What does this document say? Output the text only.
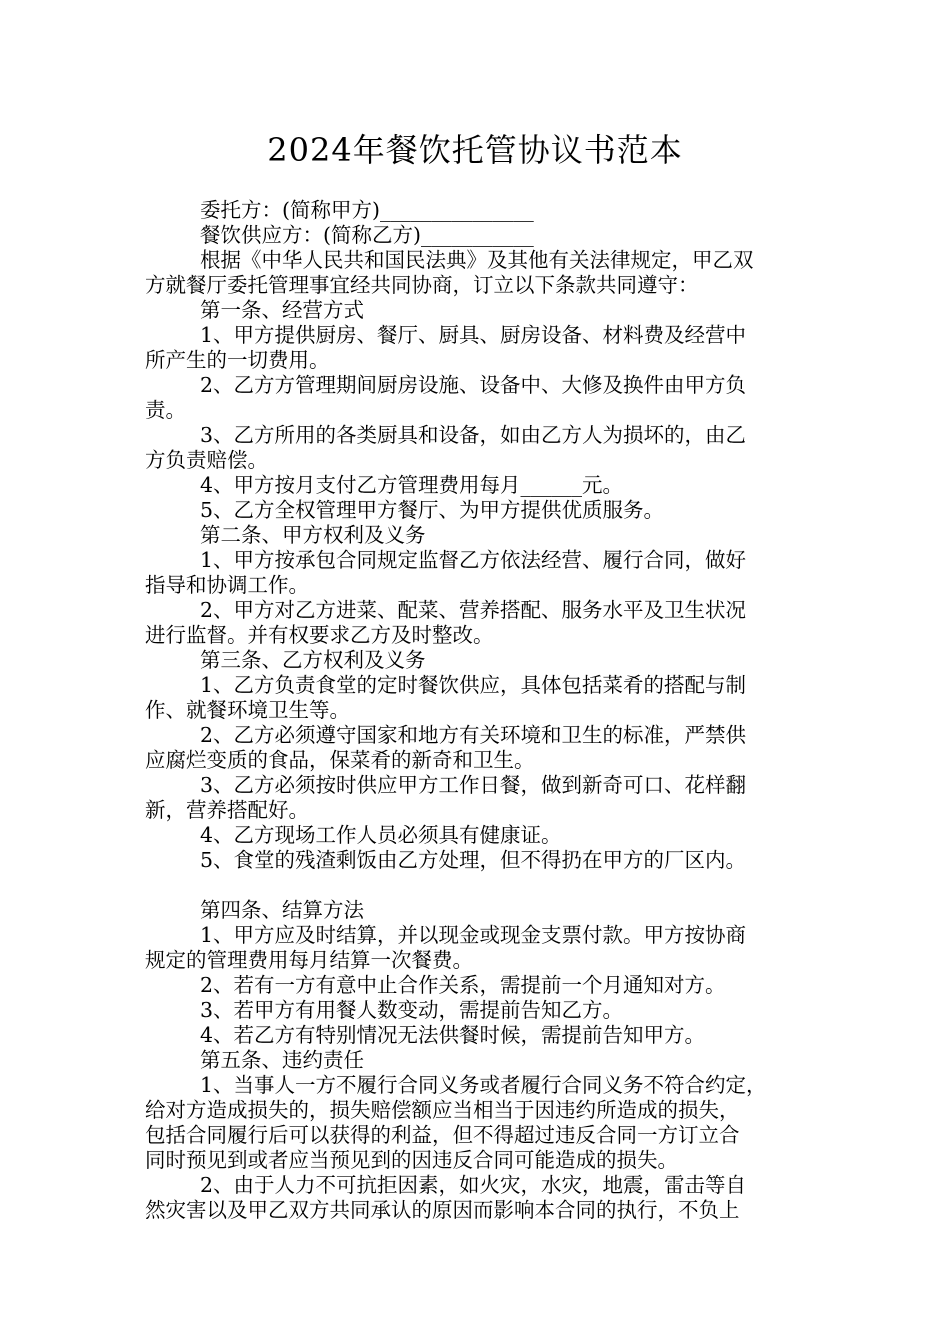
2024年餐饮托管协议书范本
委托方：(简称甲方)_______________
餐饮供应方：(简称乙方)___________
根据《中华人民共和国民法典》及其他有关法律规定，甲乙双
方就餐厅委托管理事宜经共同协商，订立以下条款共同遵守：
第一条、经营方式
1、甲方提供厨房、餐厅、厨具、厨房设备、材料费及经营中
所产生的一切费用。
2、乙方方管理期间厨房设施、设备中、大修及换件由甲方负
责。
3、乙方所用的各类厨具和设备，如由乙方人为损坏的，由乙
方负责赔偿。
4、甲方按月支付乙方管理费用每月______元。
5、乙方全权管理甲方餐厅、为甲方提供优质服务。
第二条、甲方权利及义务
1、甲方按承包合同规定监督乙方依法经营、履行合同，做好
指导和协调工作。
2、甲方对乙方进菜、配菜、营养搭配、服务水平及卫生状况
进行监督。并有权要求乙方及时整改。
第三条、乙方权利及义务
1、乙方负责食堂的定时餐饮供应，具体包括菜肴的搭配与制
作、就餐环境卫生等。
2、乙方必须遵守国家和地方有关环境和卫生的标准，严禁供
应腐烂变质的食品，保菜肴的新奇和卫生。
3、乙方必须按时供应甲方工作日餐，做到新奇可口、花样翻
新，营养搭配好。
4、乙方现场工作人员必须具有健康证。
5、食堂的残渣剩饭由乙方处理，但不得扔在甲方的厂区内。
第四条、结算方法
1、甲方应及时结算，并以现金或现金支票付款。甲方按协商
规定的管理费用每月结算一次餐费。
2、若有一方有意中止合作关系，需提前一个月通知对方。
3、若甲方有用餐人数变动，需提前告知乙方。
4、若乙方有特别情况无法供餐时候，需提前告知甲方。
第五条、违约责任
1、当事人一方不履行合同义务或者履行合同义务不符合约定，
给对方造成损失的，损失赔偿额应当相当于因违约所造成的损失，
包括合同履行后可以获得的利益，但不得超过违反合同一方订立合
同时预见到或者应当预见到的因违反合同可能造成的损失。
2、由于人力不可抗拒因素，如火灾，水灾，地震，雷击等自
然灾害以及甲乙双方共同承认的原因而影响本合同的执行，不负上
